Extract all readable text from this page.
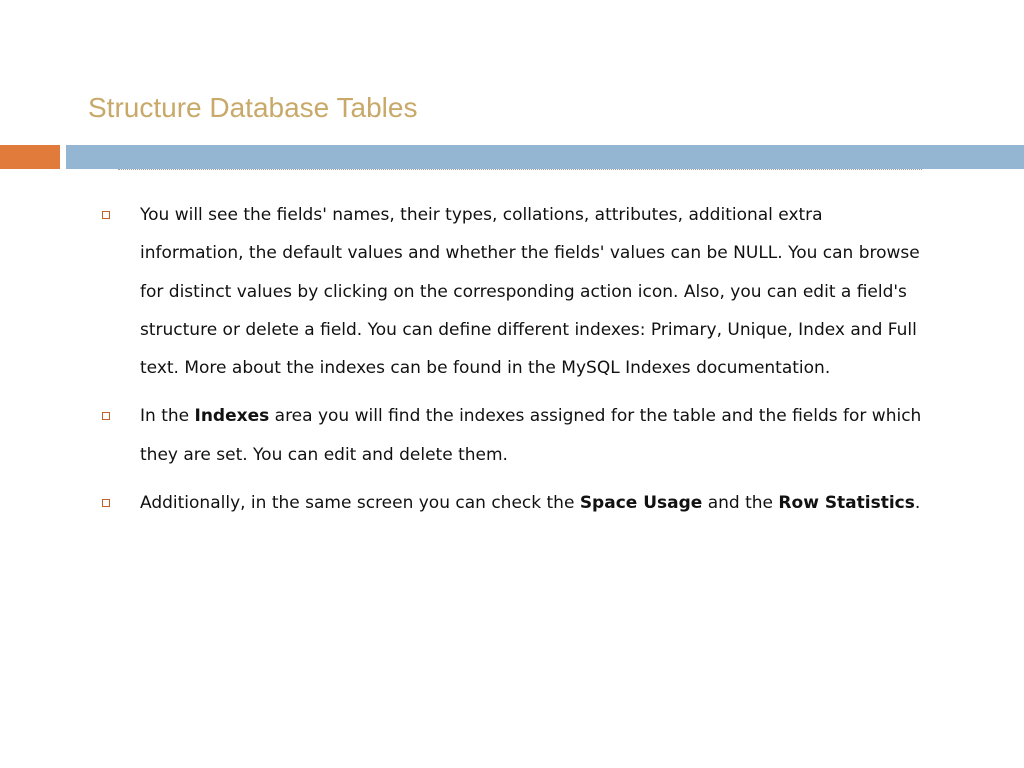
Structure Database Tables
You will see the fields' names, their types, collations, attributes, additional extra information, the default values and whether the fields' values can be NULL. You can browse for distinct values by clicking on the corresponding action icon. Also, you can edit a field's structure or delete a field. You can define different indexes: Primary, Unique, Index and Full text. More about the indexes can be found in the MySQL Indexes documentation.
In the Indexes area you will find the indexes assigned for the table and the fields for which they are set. You can edit and delete them.
Additionally, in the same screen you can check the Space Usage and the Row Statistics.
